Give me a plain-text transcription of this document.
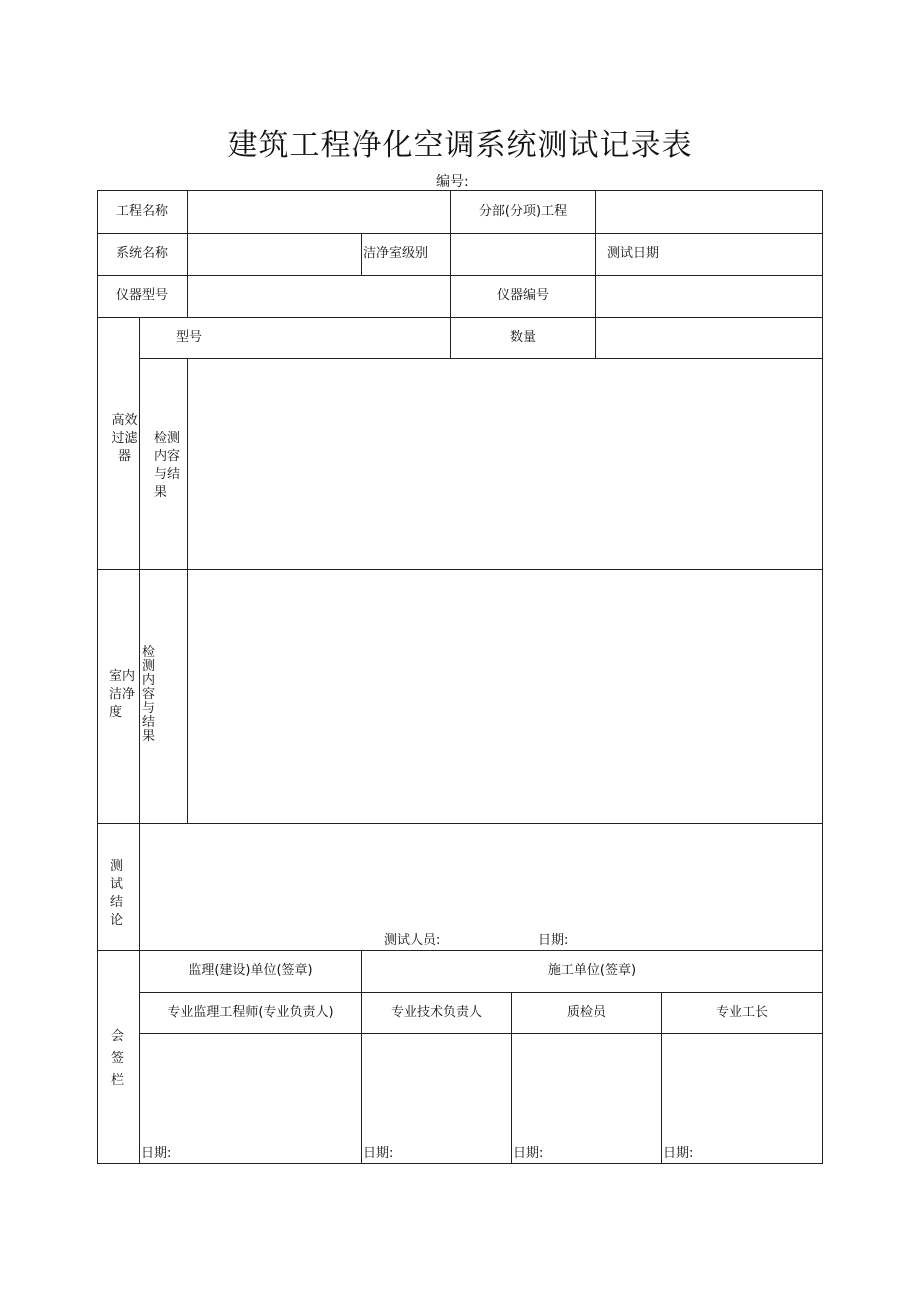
建筑工程净化空调系统测试记录表
编号:
工程名称	分部(分项)工程
系统名称	洁净室级别	测试日期
仪器型号	仪器编号
高效过滤器
型号	数量
检测内容与结果
室内洁净度
检测内容与结果
测试结论
测试人员:	日期:
会签栏
监理(建设)单位(签章)	施工单位(签章)
专业监理工程师(专业负责人)	专业技术负责人	质检员	专业工长
日期:	日期:	日期:	日期:
